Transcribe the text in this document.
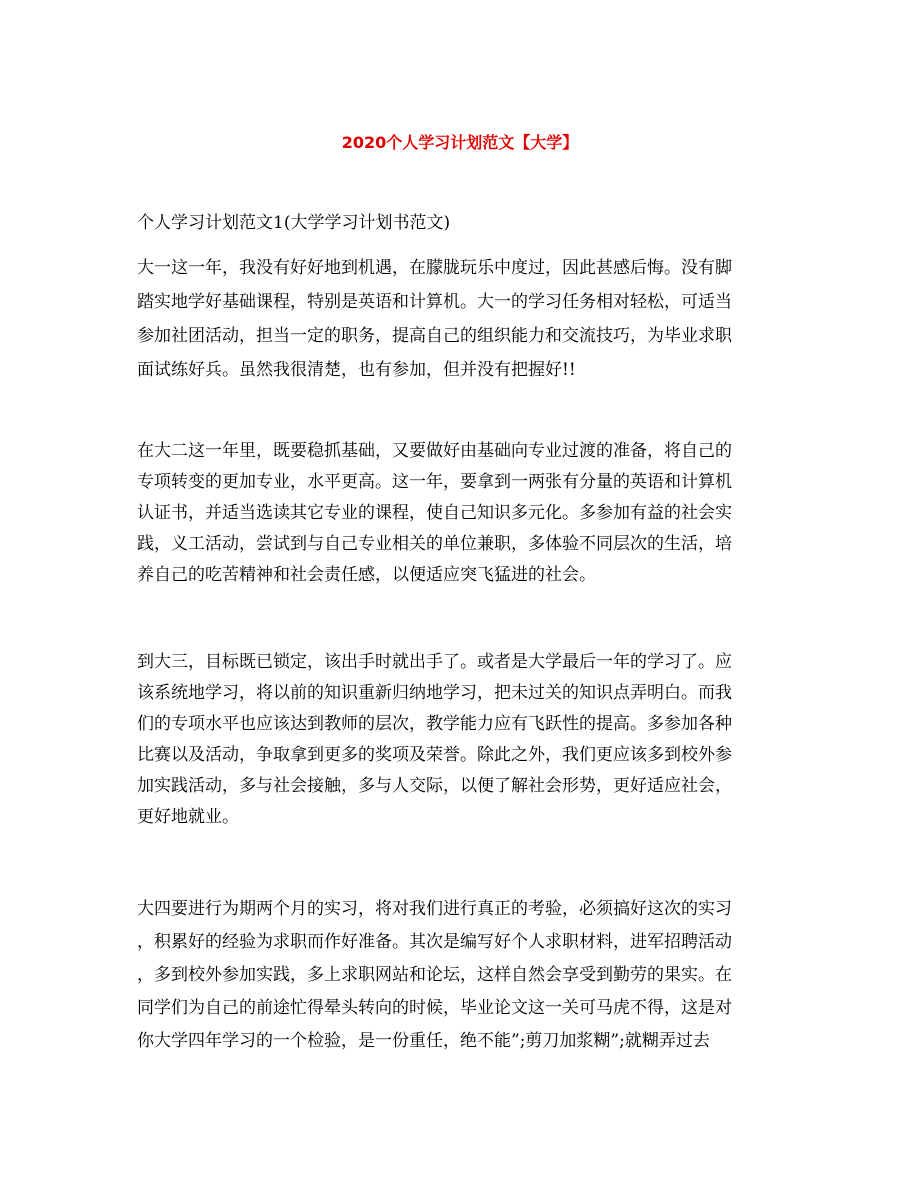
2020个人学习计划范文【大学】
个人学习计划范文1(大学学习计划书范文)
大一这一年，我没有好好地到机遇，在朦胧玩乐中度过，因此甚感后悔。没有脚
踏实地学好基础课程，特别是英语和计算机。大一的学习任务相对轻松，可适当
参加社团活动，担当一定的职务，提高自己的组织能力和交流技巧，为毕业求职
面试练好兵。虽然我很清楚，也有参加，但并没有把握好!!
在大二这一年里，既要稳抓基础，又要做好由基础向专业过渡的准备，将自己的
专项转变的更加专业，水平更高。这一年，要拿到一两张有分量的英语和计算机
认证书，并适当选读其它专业的课程，使自己知识多元化。多参加有益的社会实
践，义工活动，尝试到与自己专业相关的单位兼职，多体验不同层次的生活，培
养自己的吃苦精神和社会责任感，以便适应突飞猛进的社会。
到大三，目标既已锁定，该出手时就出手了。或者是大学最后一年的学习了。应
该系统地学习，将以前的知识重新归纳地学习，把未过关的知识点弄明白。而我
们的专项水平也应该达到教师的层次，教学能力应有飞跃性的提高。多参加各种
比赛以及活动，争取拿到更多的奖项及荣誉。除此之外，我们更应该多到校外参
加实践活动，多与社会接触，多与人交际，以便了解社会形势，更好适应社会，
更好地就业。
大四要进行为期两个月的实习，将对我们进行真正的考验，必须搞好这次的实习
，积累好的经验为求职而作好准备。其次是编写好个人求职材料，进军招聘活动
，多到校外参加实践，多上求职网站和论坛，这样自然会享受到勤劳的果实。在
同学们为自己的前途忙得晕头转向的时候，毕业论文这一关可马虎不得，这是对
你大学四年学习的一个检验，是一份重任，绝不能”;剪刀加浆糊”;就糊弄过去
